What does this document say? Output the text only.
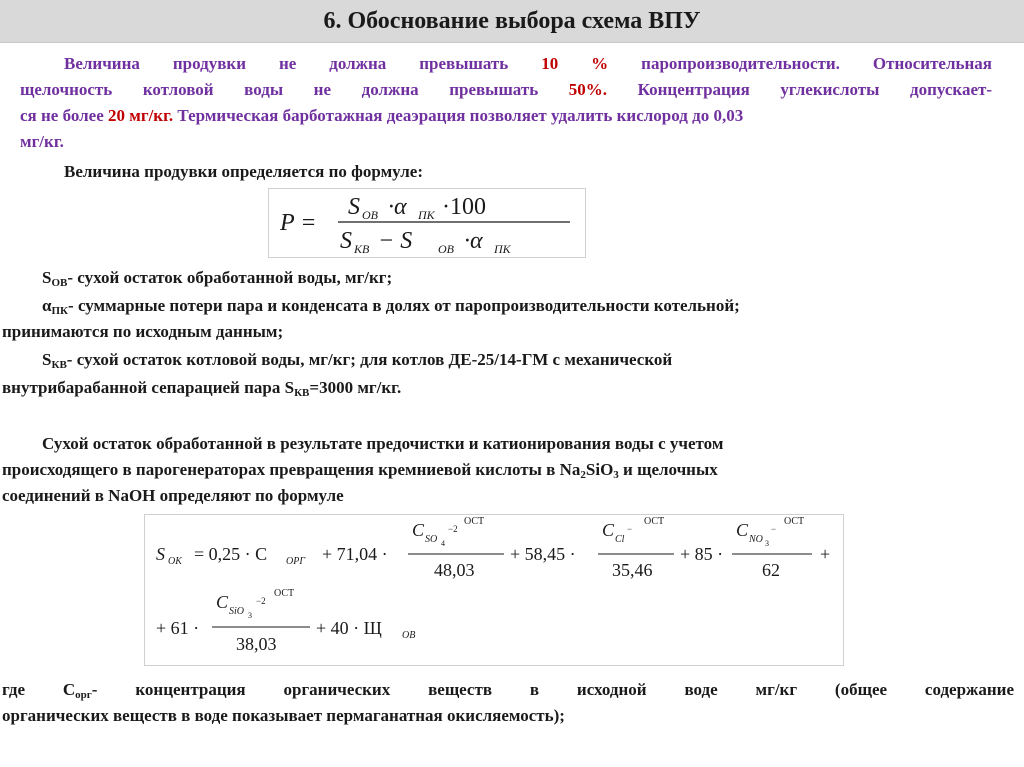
6. Обоснование выбора схема ВПУ
Величина продувки не должна превышать 10 % паропроизводительности. Относительная
щелочность котловой воды не должна превышать 50%. Концентрация углекислоты допускает-
ся не более 20 мг/кг. Термическая барботажная деаэрация позволяет удалить кислород до 0,03
мг/кг.
Величина продувки определяется по формуле:
P =
S ОВ ·α ПК ·100
S КВ − S ОВ ·α ПК
$S_{ОВ}-$ сухой остаток обработанной воды, мг/кг;
$\alpha_{ПК}-$ суммарные потери пара и конденсата в долях от паропроизводительности котельной;
принимаются по исходным данным;
$S_{КВ}-$ сухой остаток котловой воды, мг/кг; для котлов ДЕ-25/14-ГМ с механической
внутрибарабанной сепарацией пара $S_{КВ}=3000$ мг/кг.
Сухой остаток обработанной в результате предочистки и катионирования воды с учетом
происходящего в парогенераторах превращения кремниевой кислоты в $Na_2SiO_3$ и щелочных
соединений в NaOH определяют по формуле
S ОК = 0,25 · C ОРГ + 71,04 ·
C SO 4
−2
ОСТ
48,03
+ 58,45 ·
C Cl
−
ОСТ
35,46
+ 85 ·
C NO 3
−
ОСТ
62
+
+ 61 ·
C SiO 3
−2
ОСТ
38,03
+ 40 · Щ ОВ
где $С_{орг}-$ концентрация органических веществ в исходной воде мг/кг (общее содержание
органических веществ в воде показывает пермаганатная окисляемость);
